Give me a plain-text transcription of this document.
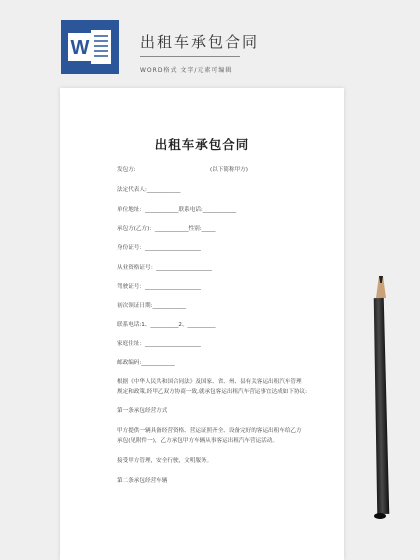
W	出租车承包合同
WORD格式 文字/元素可编辑
出租车承包合同
发包方:	(以下简称甲方)
法定代表人:____________
单位地址：____________联系电话:____________
承包方(乙方)：____________性别:_____
身份证号：____________________
从业资格证号：____________________
驾驶证号：____________________
初次领证日期:____________
联系电话:1、__________2、__________
家庭住址：____________________
邮政编码:____________
根据《中华人民共和国合同法》及国家、省、州、县有关客运出租汽车管理
规定和政策,经甲乙双方协商一致,就承包客运出租汽车营运事宜达成如下协议:
第一条承包经营方式
甲方提供一辆具备经营资格、营运证照齐全、设备完好的客运出租车给乙方
承包(见附件一)，乙方承包甲方车辆从事客运出租汽车营运活动。
接受甲方管理，安全行驶，文明服务。
第二条承包经营车辆
